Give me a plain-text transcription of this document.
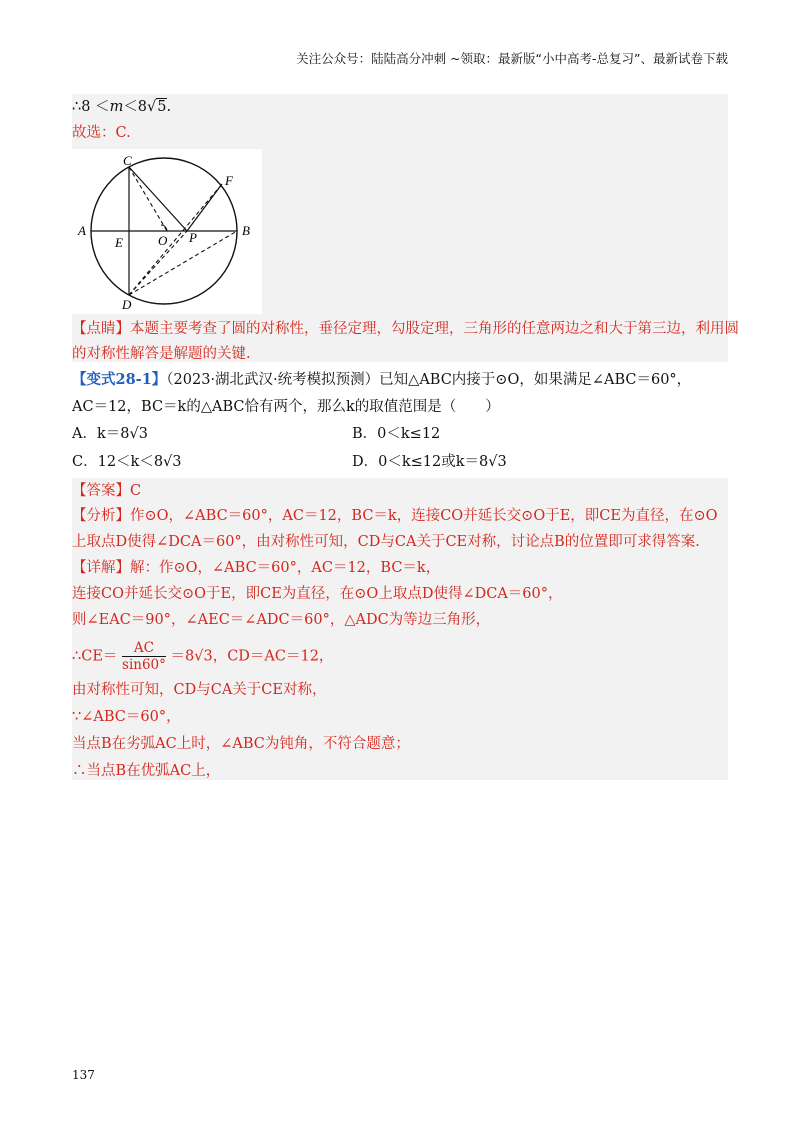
关注公众号：陆陆高分冲刺 ~领取：最新版“小中高考-总复习”、最新试卷下载
∴8 ＜m＜8√5.
故选：C.
A	B
C
D
E
F
O P
【点睛】本题主要考查了圆的对称性，垂径定理，勾股定理，三角形的任意两边之和大于第三边，利用圆
的对称性解答是解题的关键.
【变式28-1】（2023·湖北武汉·统考模拟预测）已知△ABC内接于⊙O，如果满足∠ABC＝60°，
AC＝12，BC＝k的△ABC恰有两个，那么k的取值范围是（　　）
A．k＝8√3	B．0＜k≤12
C．12＜k＜8√3	D．0＜k≤12或k＝8√3
【答案】C
【分析】作⊙O，∠ABC＝60°，AC＝12，BC＝k，连接CO并延长交⊙O于E，即CE为直径，在⊙O
上取点D使得∠DCA＝60°，由对称性可知，CD与CA关于CE对称，讨论点B的位置即可求得答案.
【详解】解：作⊙O，∠ABC＝60°，AC＝12，BC＝k，
连接CO并延长交⊙O于E，即CE为直径，在⊙O上取点D使得∠DCA＝60°，
则∠EAC＝90°，∠AEC＝∠ADC＝60°，△ADC为等边三角形，
∴CE＝ $\frac{AC}{\sin 60^\circ} =8√3$，CD＝AC＝12，
由对称性可知，CD与CA关于CE对称，
∵∠ABC＝60°，
当点B在劣弧AC上时，∠ABC为钝角，不符合题意；
∴当点B在优弧AC上，
137
